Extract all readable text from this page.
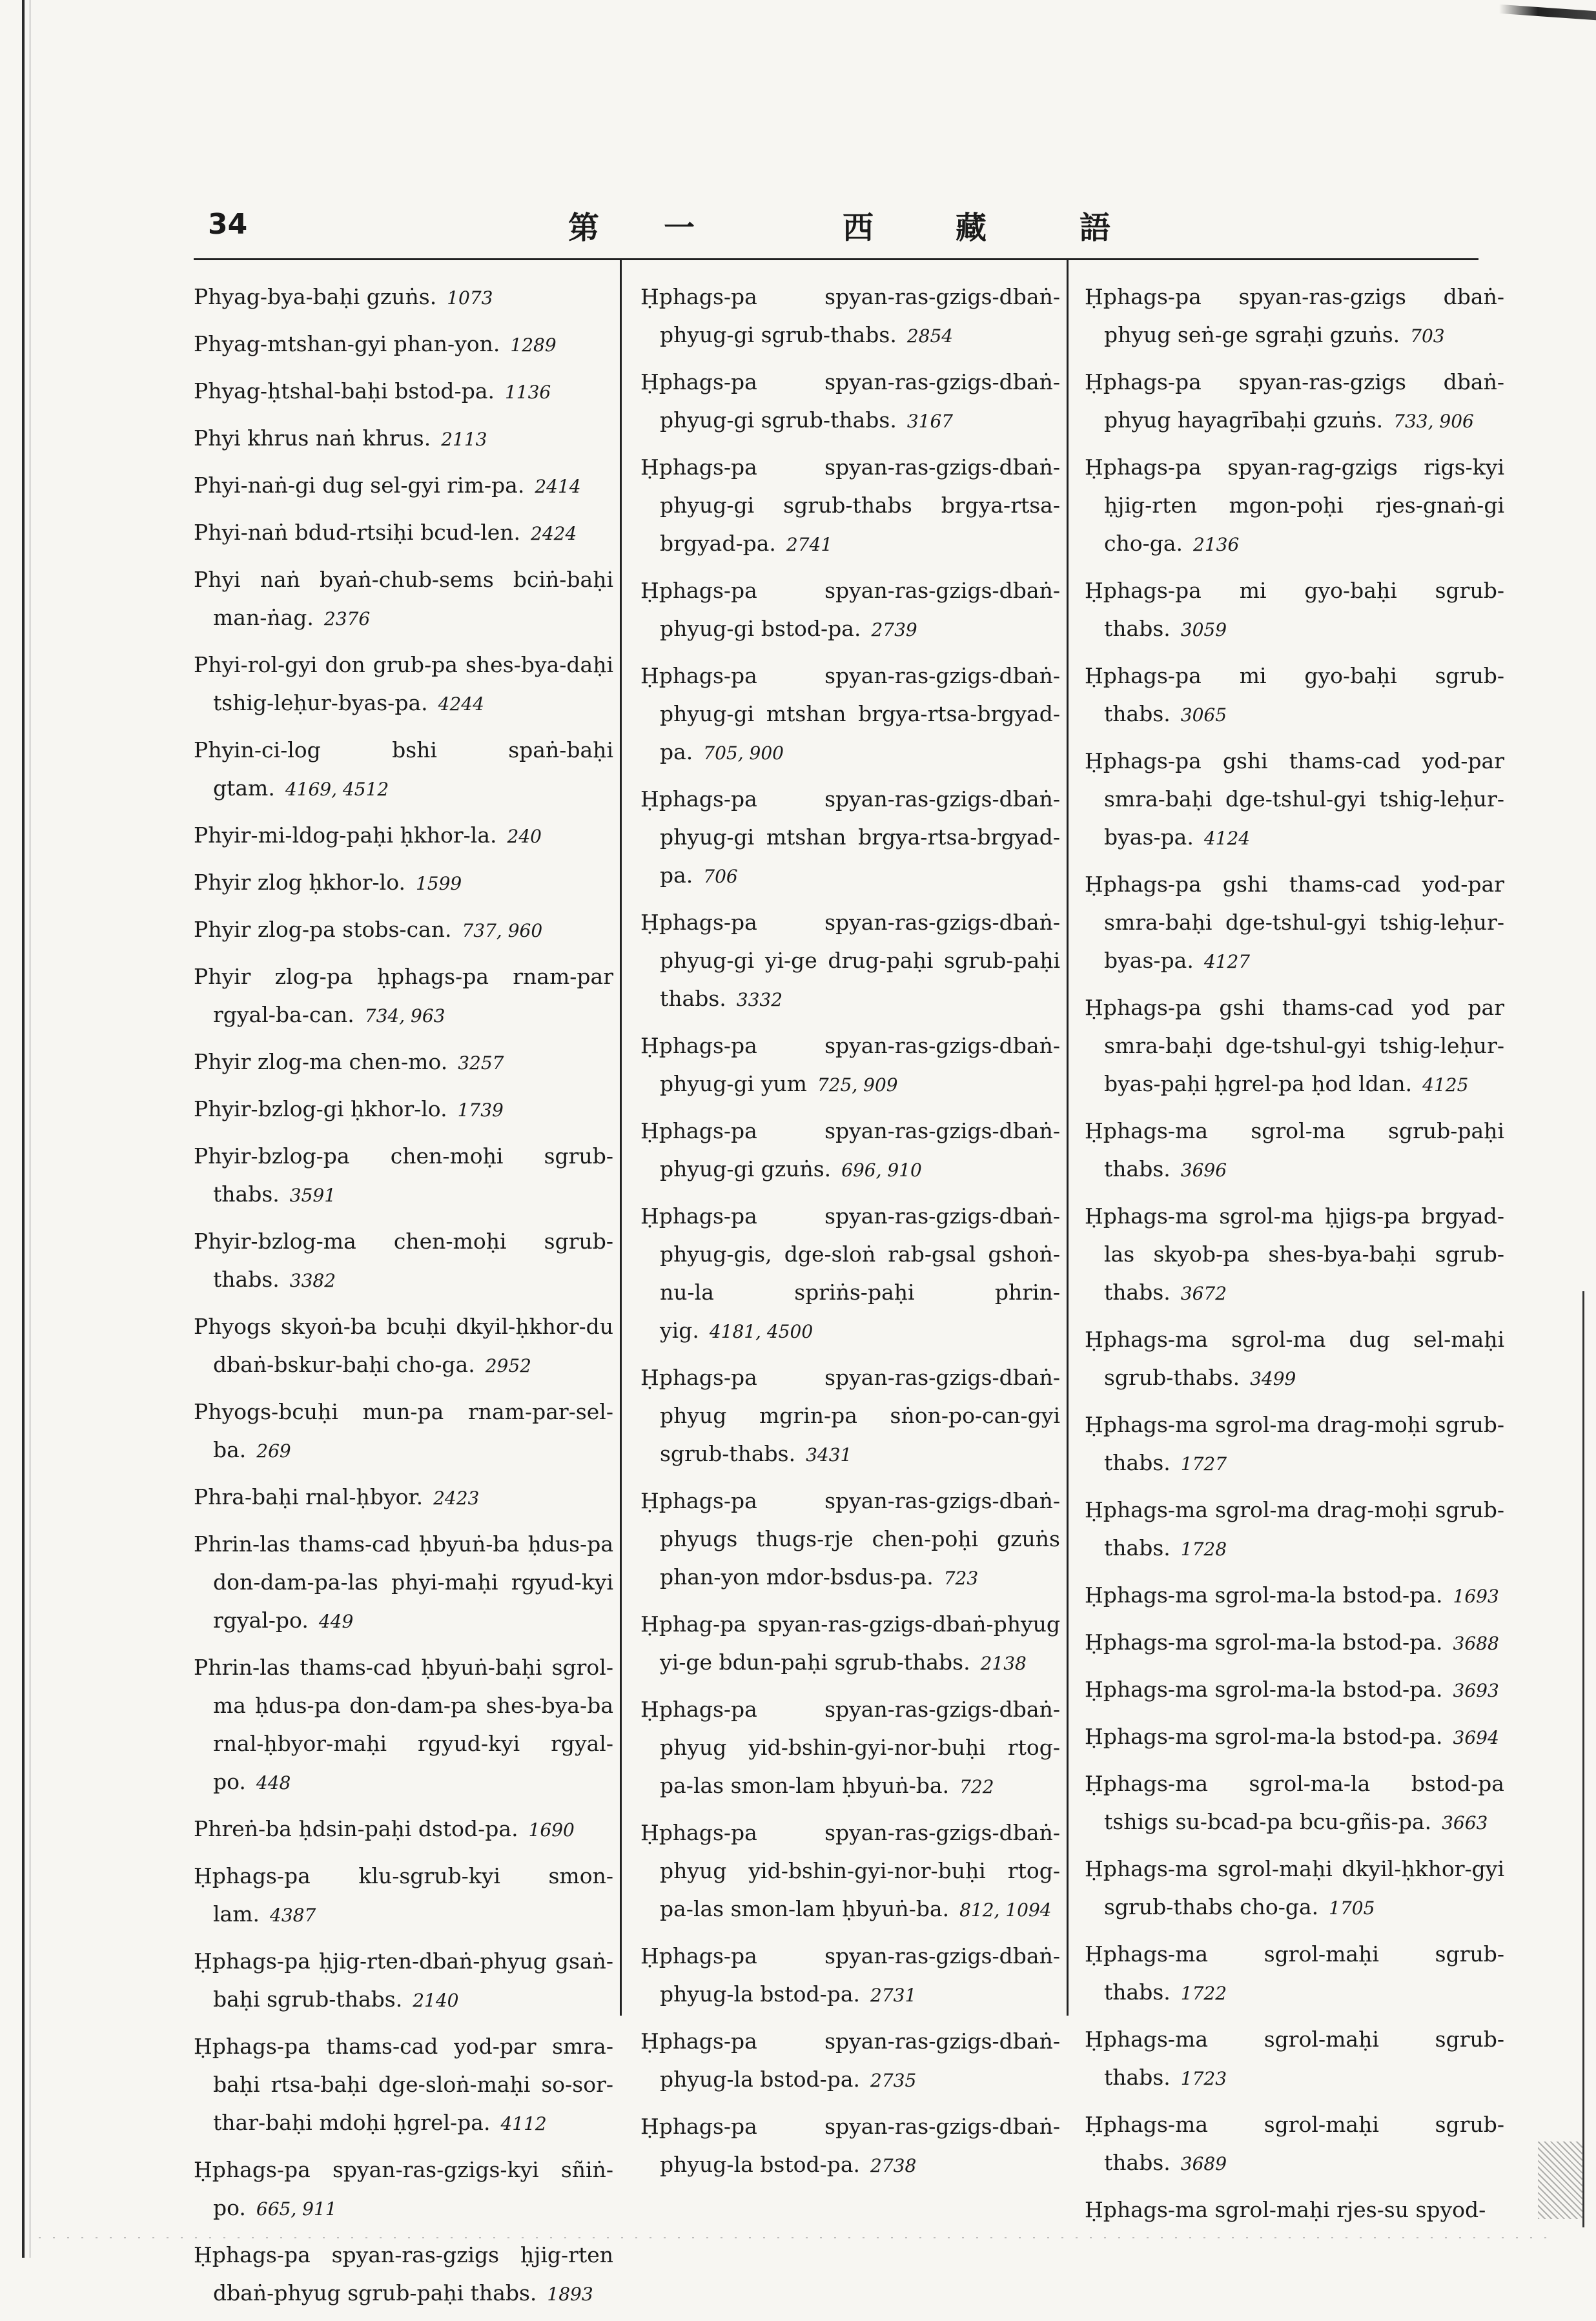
34	第 一	西	藏	語
Phyag-bya-baḥi gzuṅs. 1073
Phyag-mtshan-gyi phan-yon. 1289
Phyag-ḥtshal-baḥi bstod-pa. 1136
Phyi khrus naṅ khrus. 2113
Phyi-naṅ-gi dug sel-gyi rim-pa. 2414
Phyi-naṅ bdud-rtsiḥi bcud-len. 2424
Phyi naṅ byaṅ-chub-sems bciṅ-baḥi man-ṅag. 2376
Phyi-rol-gyi don grub-pa shes-bya-daḥi tshig-leḥur-byas-pa. 4244
Phyin-ci-log bshi spaṅ-baḥi gtam. 4169, 4512
Phyir-mi-ldog-paḥi ḥkhor-la. 240
Phyir zlog ḥkhor-lo. 1599
Phyir zlog-pa stobs-can. 737, 960
Phyir zlog-pa ḥphags-pa rnam-par rgyal-ba-can. 734, 963
Phyir zlog-ma chen-mo. 3257
Phyir-bzlog-gi ḥkhor-lo. 1739
Phyir-bzlog-pa chen-moḥi sgrub-thabs. 3591
Phyir-bzlog-ma chen-moḥi sgrub-thabs. 3382
Phyogs skyoṅ-ba bcuḥi dkyil-ḥkhor-du dbaṅ-bskur-baḥi cho-ga. 2952
Phyogs-bcuḥi mun-pa rnam-par-sel-ba. 269
Phra-baḥi rnal-ḥbyor. 2423
Phrin-las thams-cad ḥbyuṅ-ba ḥdus-pa don-dam-pa-las phyi-maḥi rgyud-kyi rgyal-po. 449
Phrin-las thams-cad ḥbyuṅ-baḥi sgrol-ma ḥdus-pa don-dam-pa shes-bya-ba rnal-ḥbyor-maḥi rgyud-kyi rgyal-po. 448
Phreṅ-ba ḥdsin-paḥi dstod-pa. 1690
Ḥphags-pa klu-sgrub-kyi smon-lam. 4387
Ḥphags-pa ḥjig-rten-dbaṅ-phyug gsaṅ-baḥi sgrub-thabs. 2140
Ḥphags-pa thams-cad yod-par smra-baḥi rtsa-baḥi dge-sloṅ-maḥi so-sor-thar-baḥi mdoḥi ḥgrel-pa. 4112
Ḥphags-pa spyan-ras-gzigs-kyi sñiṅ-po. 665, 911
Ḥphags-pa spyan-ras-gzigs ḥjig-rten dbaṅ-phyug sgrub-paḥi thabs. 1893
Ḥphags-pa spyan-ras-gzigs-dbaṅ-phyug-gi sgrub-thabs. 2854
Ḥphags-pa spyan-ras-gzigs-dbaṅ-phyug-gi sgrub-thabs. 3167
Ḥphags-pa spyan-ras-gzigs-dbaṅ-phyug-gi sgrub-thabs brgya-rtsa-brgyad-pa. 2741
Ḥphags-pa spyan-ras-gzigs-dbaṅ-phyug-gi bstod-pa. 2739
Ḥphags-pa spyan-ras-gzigs-dbaṅ-phyug-gi mtshan brgya-rtsa-brgyad-pa. 705, 900
Ḥphags-pa spyan-ras-gzigs-dbaṅ-phyug-gi mtshan brgya-rtsa-brgyad-pa. 706
Ḥphags-pa spyan-ras-gzigs-dbaṅ-phyug-gi yi-ge drug-paḥi sgrub-paḥi thabs. 3332
Ḥphags-pa spyan-ras-gzigs-dbaṅ-phyug-gi yum 725, 909
Ḥphags-pa spyan-ras-gzigs-dbaṅ-phyug-gi gzuṅs. 696, 910
Ḥphags-pa spyan-ras-gzigs-dbaṅ-phyug-gis, dge-sloṅ rab-gsal gshoṅ-nu-la spriṅs-paḥi phrin-yig. 4181, 4500
Ḥphags-pa spyan-ras-gzigs-dbaṅ-phyug mgrin-pa sṅon-po-can-gyi sgrub-thabs. 3431
Ḥphags-pa spyan-ras-gzigs-dbaṅ-phyugs thugs-rje chen-poḥi gzuṅs phan-yon mdor-bsdus-pa. 723
Ḥphag-pa spyan-ras-gzigs-dbaṅ-phyug yi-ge bdun-paḥi sgrub-thabs. 2138
Ḥphags-pa spyan-ras-gzigs-dbaṅ-phyug yid-bshin-gyi-nor-buḥi rtog-pa-las smon-lam ḥbyuṅ-ba. 722
Ḥphags-pa spyan-ras-gzigs-dbaṅ-phyug yid-bshin-gyi-nor-buḥi rtog-pa-las smon-lam ḥbyuṅ-ba. 812, 1094
Ḥphags-pa spyan-ras-gzigs-dbaṅ-phyug-la bstod-pa. 2731
Ḥphags-pa spyan-ras-gzigs-dbaṅ-phyug-la bstod-pa. 2735
Ḥphags-pa spyan-ras-gzigs-dbaṅ-phyug-la bstod-pa. 2738
Ḥphags-pa spyan-ras-gzigs dbaṅ-phyug seṅ-ge sgraḥi gzuṅs. 703
Ḥphags-pa spyan-ras-gzigs dbaṅ-phyug hayagrībaḥi gzuṅs. 733, 906
Ḥphags-pa spyan-rag-gzigs rigs-kyi ḥjig-rten mgon-poḥi rjes-gnaṅ-gi cho-ga. 2136
Ḥphags-pa mi gyo-baḥi sgrub-thabs. 3059
Ḥphags-pa mi gyo-baḥi sgrub-thabs. 3065
Ḥphags-pa gshi thams-cad yod-par smra-baḥi dge-tshul-gyi tshig-leḥur-byas-pa. 4124
Ḥphags-pa gshi thams-cad yod-par smra-baḥi dge-tshul-gyi tshig-leḥur-byas-pa. 4127
Ḥphags-pa gshi thams-cad yod par smra-baḥi dge-tshul-gyi tshig-leḥur-byas-paḥi ḥgrel-pa ḥod ldan. 4125
Ḥphags-ma sgrol-ma sgrub-paḥi thabs. 3696
Ḥphags-ma sgrol-ma ḥjigs-pa brgyad-las skyob-pa shes-bya-baḥi sgrub-thabs. 3672
Ḥphags-ma sgrol-ma dug sel-maḥi sgrub-thabs. 3499
Ḥphags-ma sgrol-ma drag-moḥi sgrub-thabs. 1727
Ḥphags-ma sgrol-ma drag-moḥi sgrub-thabs. 1728
Ḥphags-ma sgrol-ma-la bstod-pa. 1693
Ḥphags-ma sgrol-ma-la bstod-pa. 3688
Ḥphags-ma sgrol-ma-la bstod-pa. 3693
Ḥphags-ma sgrol-ma-la bstod-pa. 3694
Ḥphags-ma sgrol-ma-la bstod-pa tshigs su-bcad-pa bcu-gñis-pa. 3663
Ḥphags-ma sgrol-maḥi dkyil-ḥkhor-gyi sgrub-thabs cho-ga. 1705
Ḥphags-ma sgrol-maḥi sgrub-thabs. 1722
Ḥphags-ma sgrol-maḥi sgrub-thabs. 1723
Ḥphags-ma sgrol-maḥi sgrub-thabs. 3689
Ḥphags-ma sgrol-maḥi rjes-su spyod-
